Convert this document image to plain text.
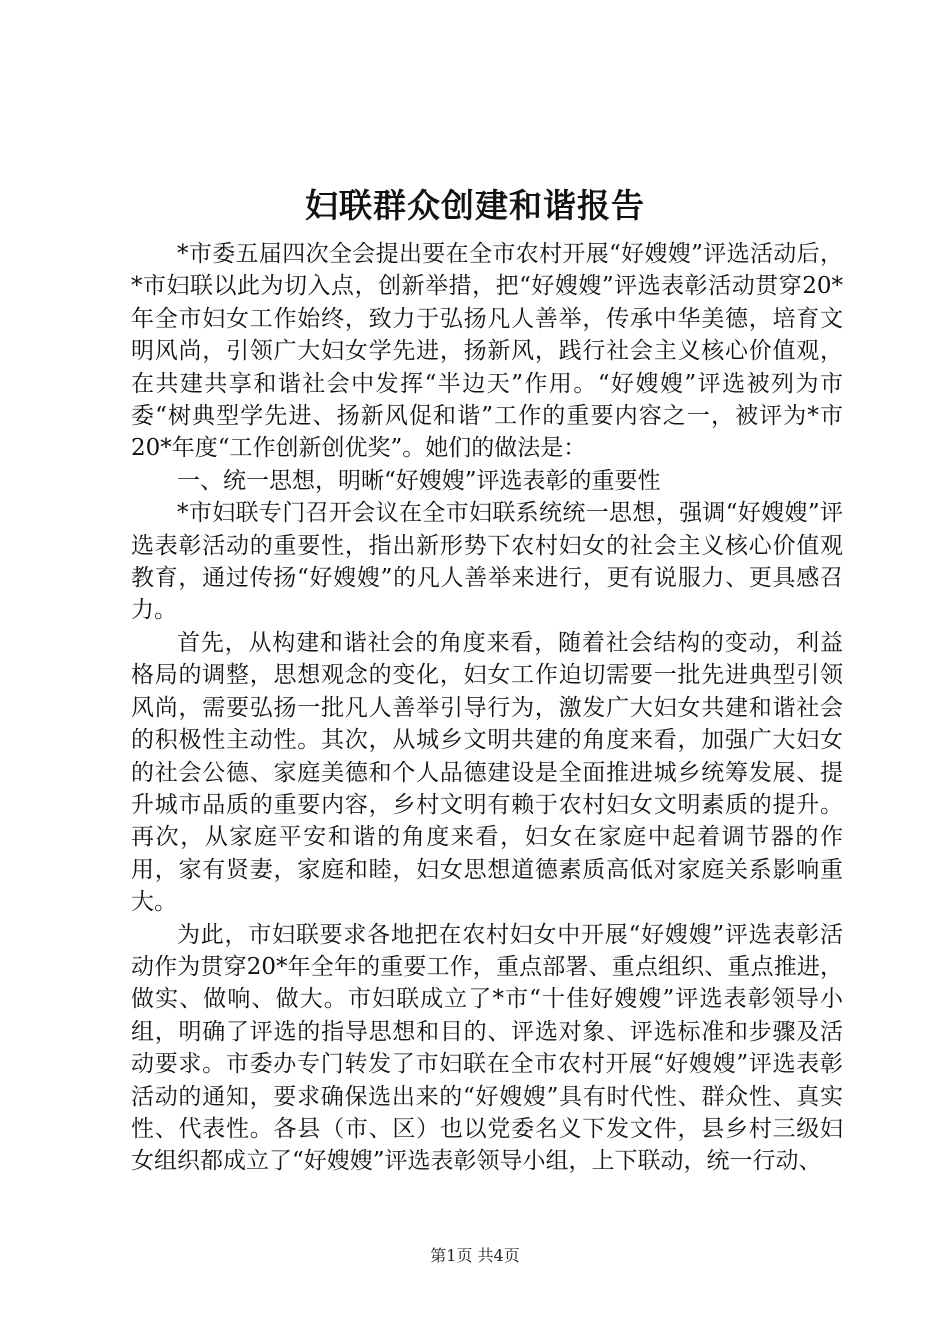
妇联群众创建和谐报告

*市委五届四次全会提出要在全市农村开展“好嫂嫂”评选活动后，*市妇联以此为切入点，创新举措，把“好嫂嫂”评选表彰活动贯穿20*年全市妇女工作始终，致力于弘扬凡人善举，传承中华美德，培育文明风尚，引领广大妇女学先进，扬新风，践行社会主义核心价值观，在共建共享和谐社会中发挥“半边天”作用。“好嫂嫂”评选被列为市委“树典型学先进、扬新风促和谐”工作的重要内容之一，被评为*市20*年度“工作创新创优奖”。她们的做法是：

一、统一思想，明晰“好嫂嫂”评选表彰的重要性

*市妇联专门召开会议在全市妇联系统统一思想，强调“好嫂嫂”评选表彰活动的重要性，指出新形势下农村妇女的社会主义核心价值观教育，通过传扬“好嫂嫂”的凡人善举来进行，更有说服力、更具感召力。

首先，从构建和谐社会的角度来看，随着社会结构的变动，利益格局的调整，思想观念的变化，妇女工作迫切需要一批先进典型引领风尚，需要弘扬一批凡人善举引导行为，激发广大妇女共建和谐社会的积极性主动性。其次，从城乡文明共建的角度来看，加强广大妇女的社会公德、家庭美德和个人品德建设是全面推进城乡统筹发展、提升城市品质的重要内容，乡村文明有赖于农村妇女文明素质的提升。再次，从家庭平安和谐的角度来看，妇女在家庭中起着调节器的作用，家有贤妻，家庭和睦，妇女思想道德素质高低对家庭关系影响重大。

为此，市妇联要求各地把在农村妇女中开展“好嫂嫂”评选表彰活动作为贯穿20*年全年的重要工作，重点部署、重点组织、重点推进，做实、做响、做大。市妇联成立了*市“十佳好嫂嫂”评选表彰领导小组，明确了评选的指导思想和目的、评选对象、评选标准和步骤及活动要求。市委办专门转发了市妇联在全市农村开展“好嫂嫂”评选表彰活动的通知，要求确保选出来的“好嫂嫂”具有时代性、群众性、真实性、代表性。各县（市、区）也以党委名义下发文件，县乡村三级妇女组织都成立了“好嫂嫂”评选表彰领导小组，上下联动，统一行动、

第1页 共4页
